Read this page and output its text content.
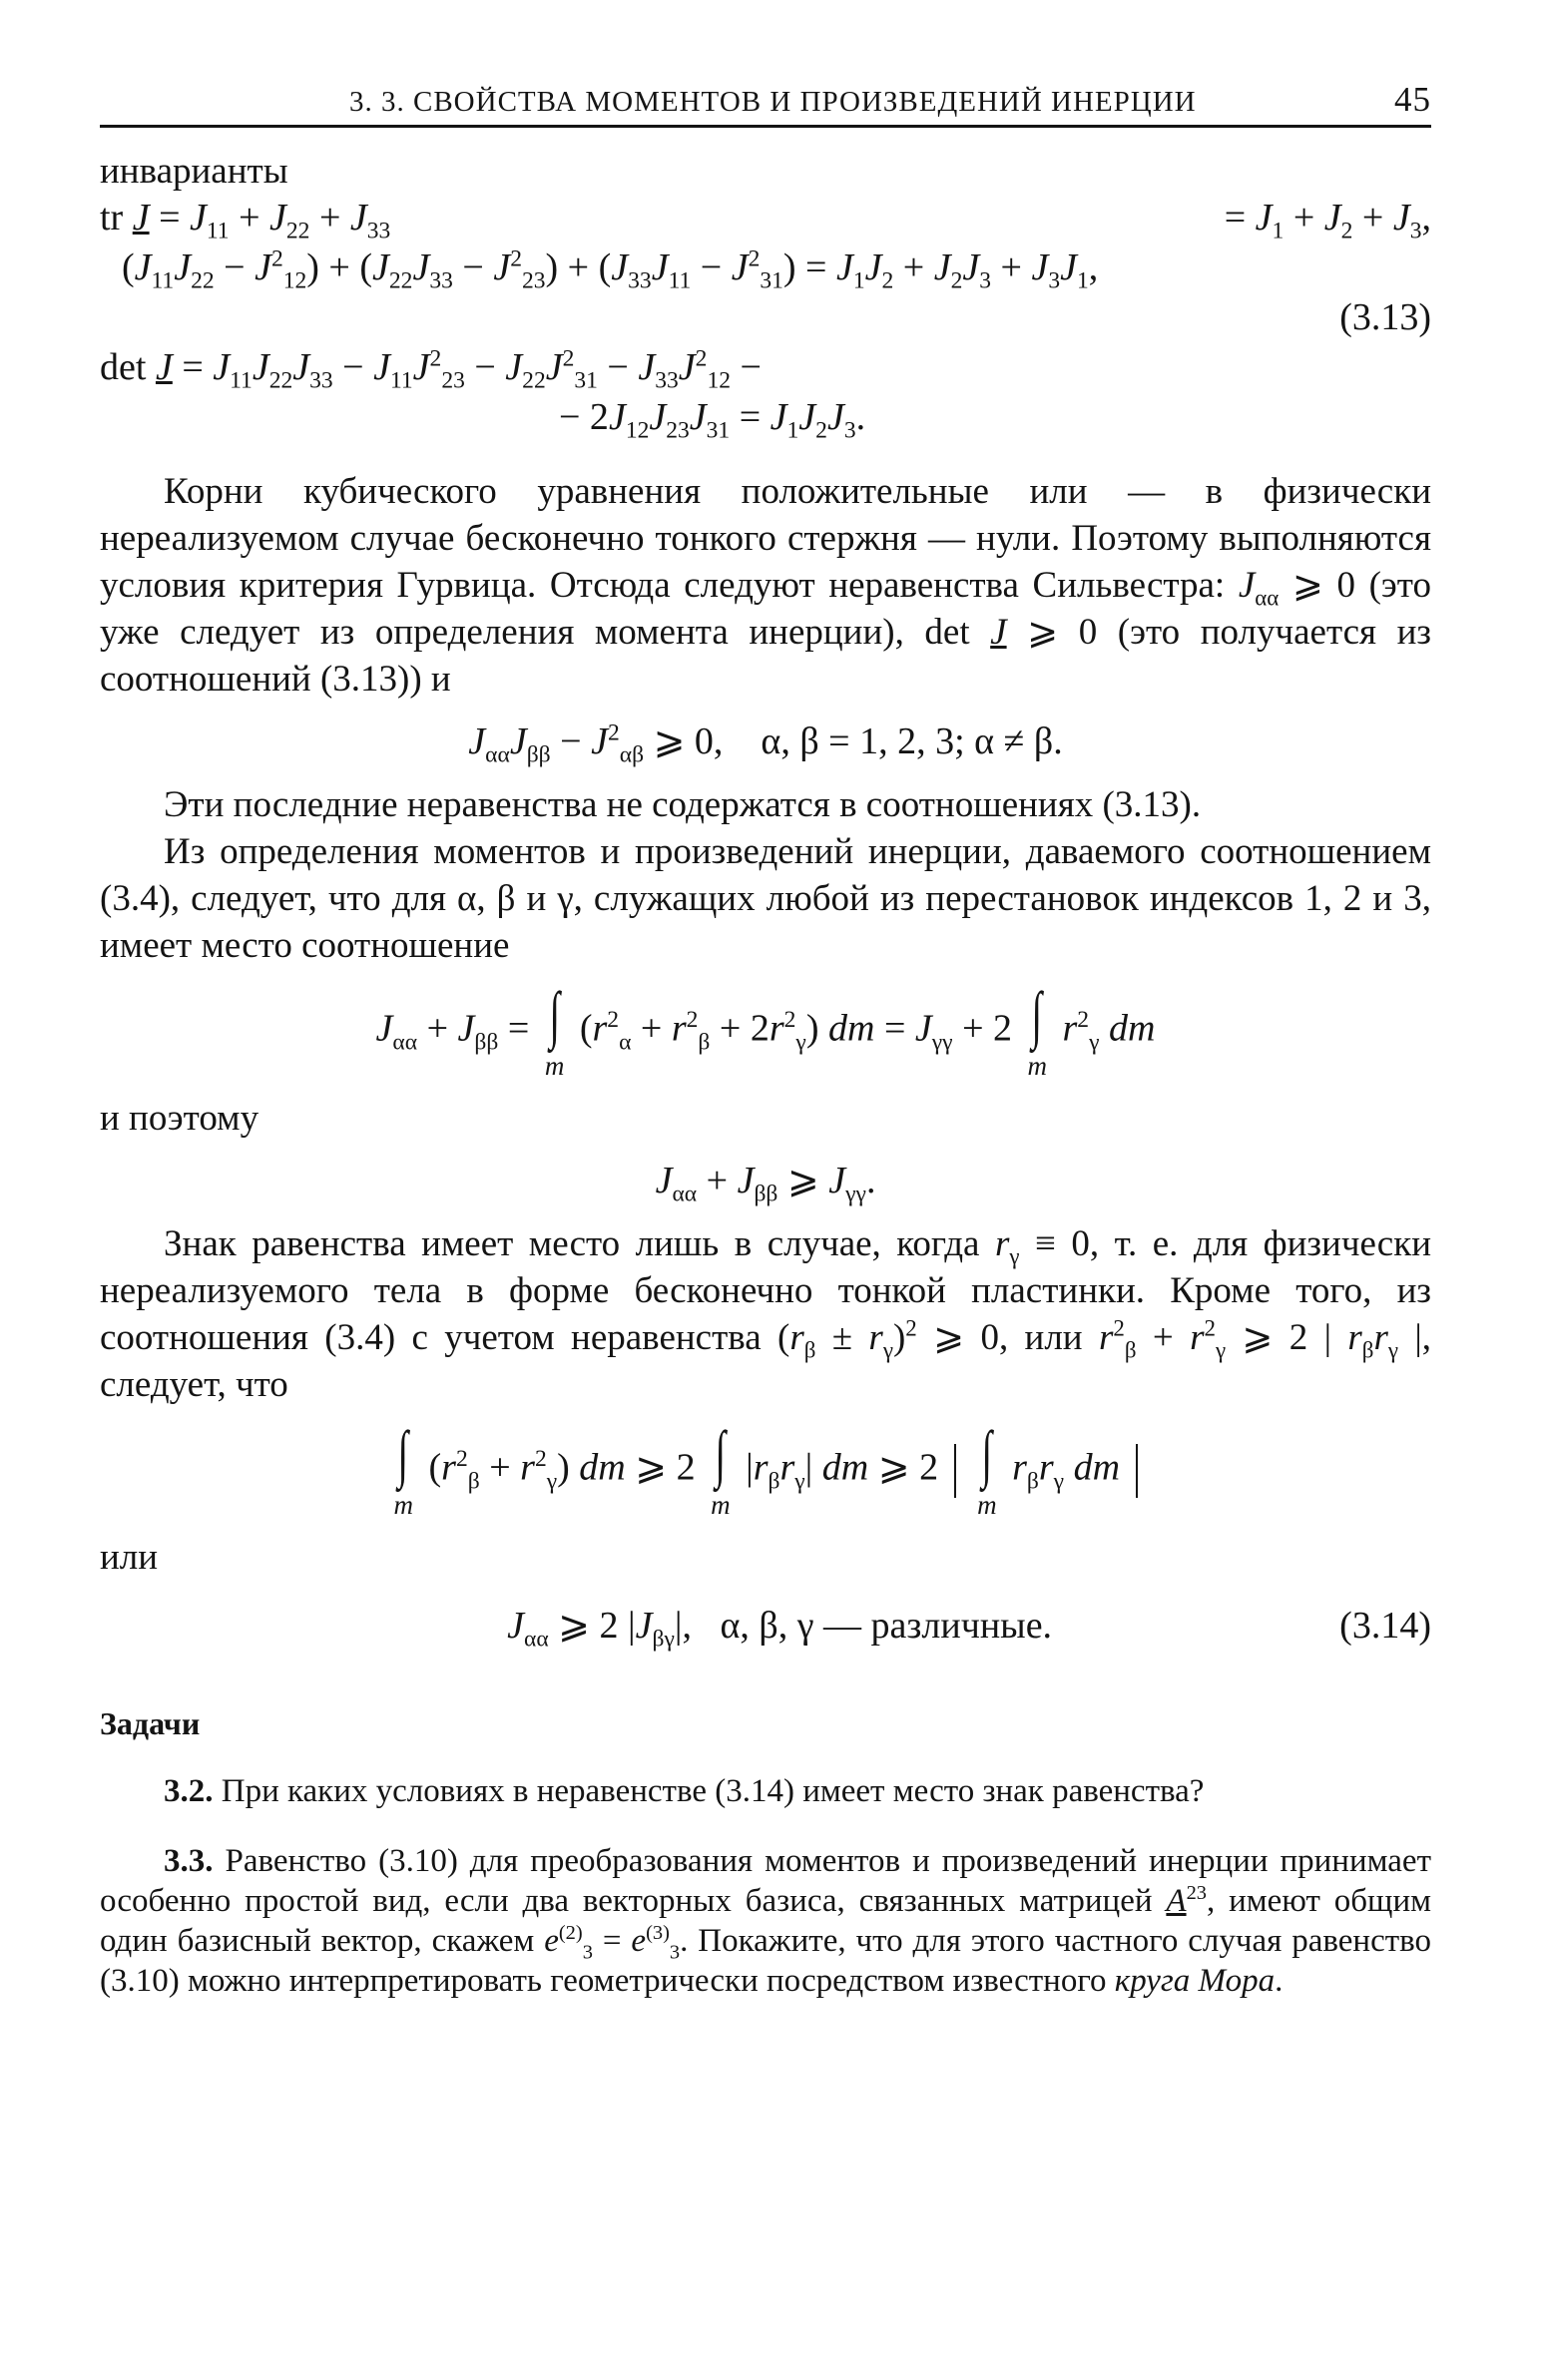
3. 3. СВОЙСТВА МОМЕНТОВ И ПРОИЗВЕДЕНИЙ ИНЕРЦИИ	45

инварианты

tr $J = J_{11} + J_{22} + J_{33}$	= $J_1 + J_2 + J_3$,
$(J_{11}J_{22} - J^2_{12}) + (J_{22}J_{33} - J^2_{23}) + (J_{33}J_{11} - J^2_{31}) = J_1J_2 + J_2J_3 + J_3J_1$,
(3.13)
$\det J = J_{11}J_{22}J_{33} - J_{11}J^2_{23} - J_{22}J^2_{31} - J_{33}J^2_{12}$ −
− $2J_{12}J_{23}J_{31} = J_1J_2J_3$.

Корни кубического уравнения положительные или — в физически нереализуемом случае бесконечно тонкого стержня — нули. Поэтому выполняются условия критерия Гурвица. Отсюда следуют неравенства Сильвестра: $J_{\alpha\alpha}$ ⩾ 0 (это уже следует из определения момента инерции), det J ⩾ 0 (это получается из соотношений (3.13)) и

$J_{\alpha\alpha}J_{\beta\beta} - J^2_{\alpha\beta}$ ⩾ 0,    α, β = 1, 2, 3; α ≠ β.

Эти последние неравенства не содержатся в соотношениях (3.13).

Из определения моментов и произведений инерции, даваемого соотношением (3.4), следует, что для α, β и γ, служащих любой из перестановок индексов 1, 2 и 3, имеет место соотношение

$J_{\alpha\alpha} + J_{\beta\beta}$ = ∫
m
$(r^2_\alpha + r^2_\beta + 2r^2_\gamma)$ dm = $J_{\gamma\gamma} + 2$ ∫
m
$r^2_\gamma$ dm

и поэтому

$J_{\alpha\alpha} + J_{\beta\beta}$ ⩾ $J_{\gamma\gamma}$.

Знак равенства имеет место лишь в случае, когда $r_\gamma \equiv 0$, т. е. для физически нереализуемого тела в форме бесконечно тонкой пластинки. Кроме того, из соотношения (3.4) с учетом неравенства $(r_\beta \pm r_\gamma)^2$ ⩾ 0, или $r^2_\beta + r^2_\gamma$ ⩾ 2 | $r_\beta r_\gamma$ |, следует, что

∫
m
$(r^2_\beta + r^2_\gamma)$ dm ⩾ 2 ∫
m
$|r_\beta r_\gamma|$ dm ⩾ 2 ∫
m
$r_\beta r_\gamma$ dm

или

$J_{\alpha\alpha}$ ⩾ 2 $|J_{\beta\gamma}|$,   α, β, γ — различные.	(3.14)
Задачи

3.2. При каких условиях в неравенстве (3.14) имеет место знак равенства?

3.3. Равенство (3.10) для преобразования моментов и произведений инерции принимает особенно простой вид, если два векторных базиса, связанных матрицей $A^{23}$, имеют общим один базисный вектор, скажем $e^{(2)}_3 = e^{(3)}_3$. Покажите, что для этого частного случая равенство (3.10) можно интерпретировать геометрически посредством известного круга Мора.
